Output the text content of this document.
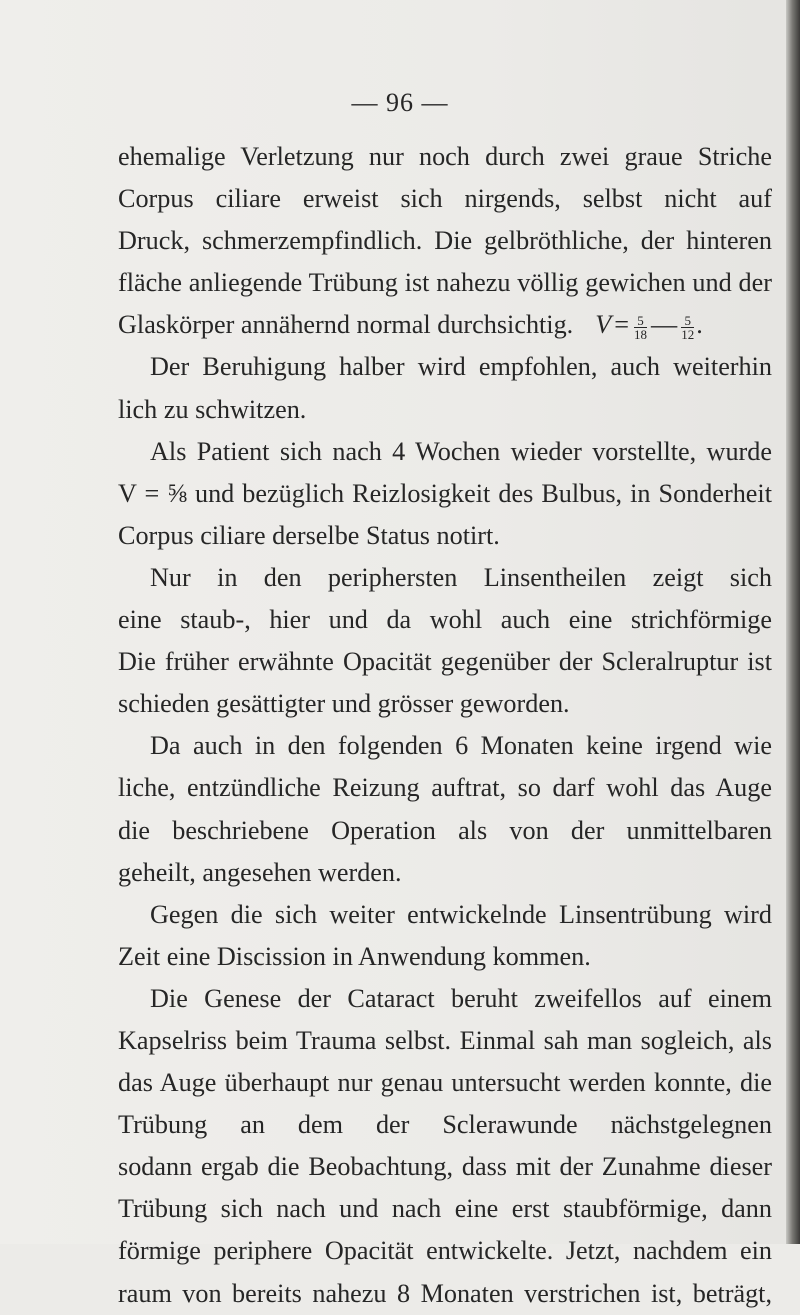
— 96 —
ehemalige Verletzung nur noch durch zwei graue Striche
Corpus ciliare erweist sich nirgends, selbst nicht auf
Druck, schmerzempfindlich. Die gelbröthliche, der hinteren
fläche anliegende Trübung ist nahezu völlig gewichen und der
Glaskörper annähernd normal durchsichtig. $V = \frac{5}{18}$ — $\frac{5}{12}$ .
Der Beruhigung halber wird empfohlen, auch weiterhin
lich zu schwitzen.
Als Patient sich nach 4 Wochen wieder vorstellte, wurde
V = ⅝ und bezüglich Reizlosigkeit des Bulbus, in Sonderheit
Corpus ciliare derselbe Status notirt.
Nur in den periphersten Linsentheilen zeigt sich
eine staub-, hier und da wohl auch eine strichförmige
Die früher erwähnte Opacität gegenüber der Scleralruptur ist
schieden gesättigter und grösser geworden.
Da auch in den folgenden 6 Monaten keine irgend wie
liche, entzündliche Reizung auftrat, so darf wohl das Auge
die beschriebene Operation als von der unmittelbaren
geheilt, angesehen werden.
Gegen die sich weiter entwickelnde Linsentrübung wird
Zeit eine Discission in Anwendung kommen.
Die Genese der Cataract beruht zweifellos auf einem
Kapselriss beim Trauma selbst. Einmal sah man sogleich, als
das Auge überhaupt nur genau untersucht werden konnte, die
Trübung an dem der Sclerawunde nächstgelegnen
sodann ergab die Beobachtung, dass mit der Zunahme dieser
Trübung sich nach und nach eine erst staubförmige, dann
förmige periphere Opacität entwickelte. Jetzt, nachdem ein
raum von bereits nahezu 8 Monaten verstrichen ist, beträgt,
